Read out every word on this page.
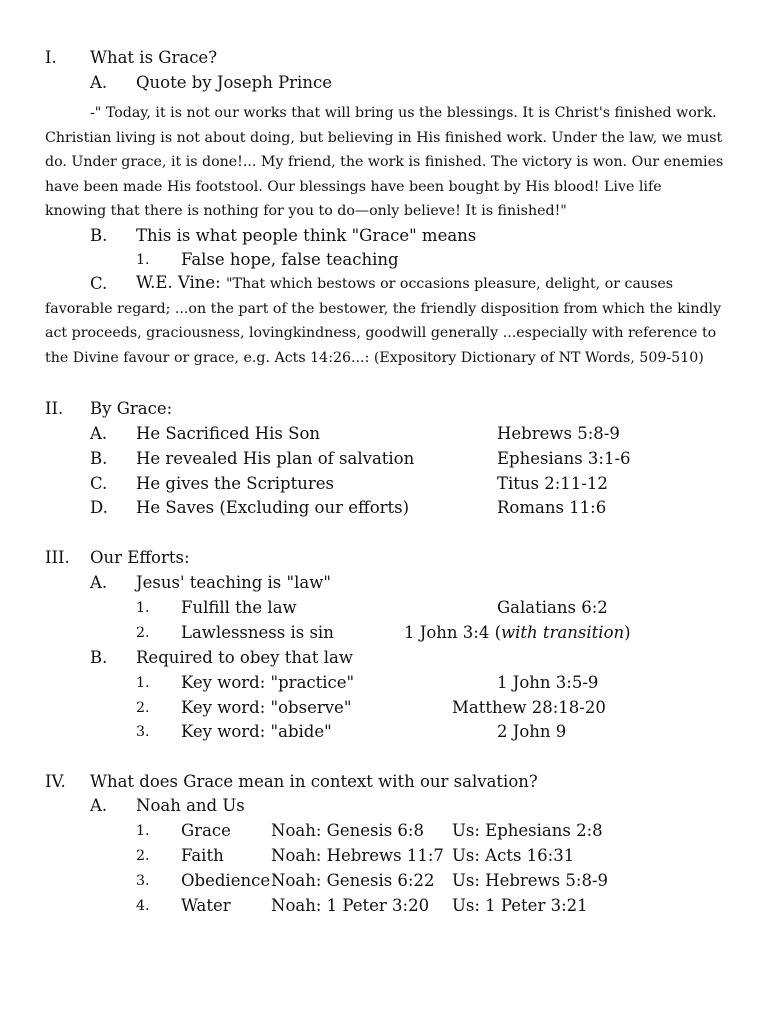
I. What is Grace?
A. Quote by Joseph Prince
-" Today, it is not our works that will bring us the blessings. It is Christ's finished work. Christian living is not about doing, but believing in His finished work. Under the law, we must do. Under grace, it is done!... My friend, the work is finished. The victory is won. Our enemies have been made His footstool. Our blessings have been bought by His blood! Live life knowing that there is nothing for you to do—only believe! It is finished!"
B. This is what people think "Grace" means
1. False hope, false teaching
C. W.E. Vine: "That which bestows or occasions pleasure, delight, or causes favorable regard; ...on the part of the bestower, the friendly disposition from which the kindly act proceeds, graciousness, lovingkindness, goodwill generally ...especially with reference to the Divine favour or grace, e.g. Acts 14:26...: (Expository Dictionary of NT Words, 509-510)
II. By Grace:
A. He Sacrificed His Son	Hebrews 5:8-9
B. He revealed His plan of salvation	Ephesians 3:1-6
C. He gives the Scriptures	Titus 2:11-12
D. He Saves (Excluding our efforts)	Romans 11:6
III. Our Efforts:
A. Jesus' teaching is "law"
1. Fulfill the law	Galatians 6:2
2. Lawlessness is sin	1 John 3:4 (with transition)
B. Required to obey that law
1. Key word: "practice"	1 John 3:5-9
2. Key word: "observe"	Matthew 28:18-20
3. Key word: "abide"	2 John 9
IV. What does Grace mean in context with our salvation?
A. Noah and Us
1. Grace Noah: Genesis 6:8 Us: Ephesians 2:8
2. Faith	Noah: Hebrews 11:7 Us: Acts 16:31
3. Obedience Noah: Genesis 6:22 Us: Hebrews 5:8-9
4. Water Noah: 1 Peter 3:20 Us: 1 Peter 3:21
